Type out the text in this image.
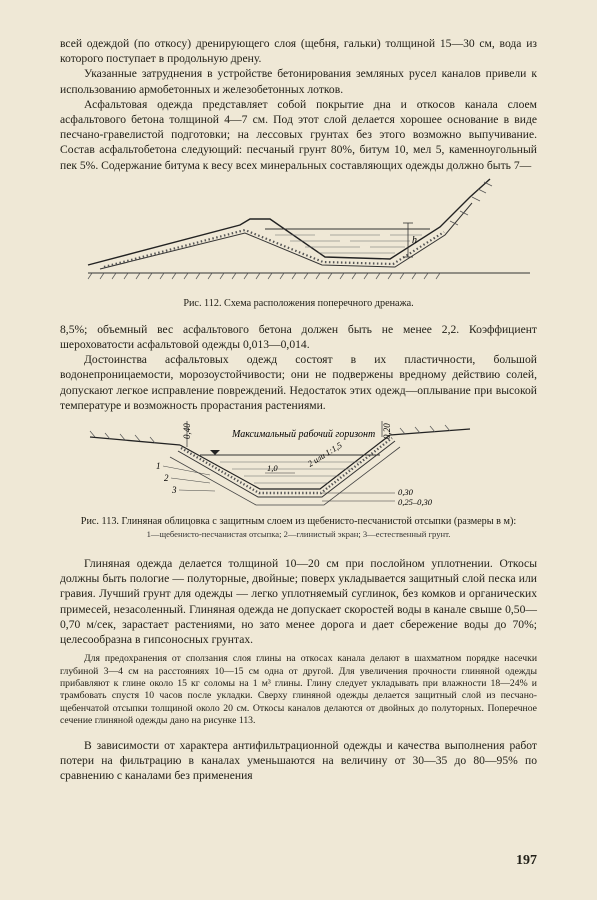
всей одеждой (по откосу) дренирующего слоя (щебня, гальки) толщиной 15—30 см, вода из которого поступает в продольную дрену.

Указанные затруднения в устройстве бетонирования земляных русел каналов привели к использованию армобетонных и железобетонных лотков.

Асфальтовая одежда представляет собой покрытие дна и откосов канала слоем асфальтового бетона толщиной 4—7 см. Под этот слой делается хорошее основание в виде песчано-гравелистой подготовки; на лессовых грунтах без этого возможно выпучивание. Состав асфальтобетона следующий: песчаный грунт 80%, битум 10, мел 5, каменноугольный пек 5%. Содержание битума к весу всех минеральных составляющих одежды должно быть 7—

h

Рис. 112. Схема расположения поперечного дренажа.

8,5%; объемный вес асфальтового бетона должен быть не менее 2,2. Коэффициент шероховатости асфальтовой одежды 0,013—0,014.

Достоинства асфальтовых одежд состоят в их пластичности, большой водонепроницаемости, морозоустойчивости; они не подвержены вредному действию солей, допускают легкое исправление повреждений. Недостаток этих одежд—оплывание при высокой температуре и возможность прорастания растениями.

0,40	0,20
Максимальный рабочий горизонт
1,0	2 или 1:1,5
0,30
0,25–0,30
1
2
3

Рис. 113. Глиняная облицовка с защитным слоем из щебенисто-песчанистой отсыпки (размеры в м):

1—щебенисто-песчанистая отсыпка; 2—глинистый экран; 3—естественный грунт.

Глиняная одежда делается толщиной 10—20 см при послойном уплотнении. Откосы должны быть пологие — полуторные, двойные; поверх укладывается защитный слой песка или гравия. Лучший грунт для одежды — легко уплотняемый суглинок, без комков и органических примесей, незасоленный. Глиняная одежда не допускает скоростей воды в канале свыше 0,50—0,70 м/сек, зарастает растениями, но зато менее дорога и дает сбережение воды до 70%; целесообразна в гипсоносных грунтах.

Для предохранения от сползания слоя глины на откосах канала делают в шахматном порядке насечки глубиной 3—4 см на расстояниях 10—15 см одна от другой. Для увеличения прочности глиняной одежды прибавляют к глине около 15 кг соломы на 1 м³ глины. Глину следует укладывать при влажности 18—24% и трамбовать спустя 10 часов после укладки. Сверху глиняной одежды делается защитный слой из песчано-щебенчатой отсыпки толщиной около 20 см. Откосы каналов делаются от двойных до полуторных. Поперечное сечение глиняной одежды дано на рисунке 113.

В зависимости от характера антифильтрационной одежды и качества выполнения работ потери на фильтрацию в каналах уменьшаются на величину от 30—35 до 80—95% по сравнению с каналами без применения

197
